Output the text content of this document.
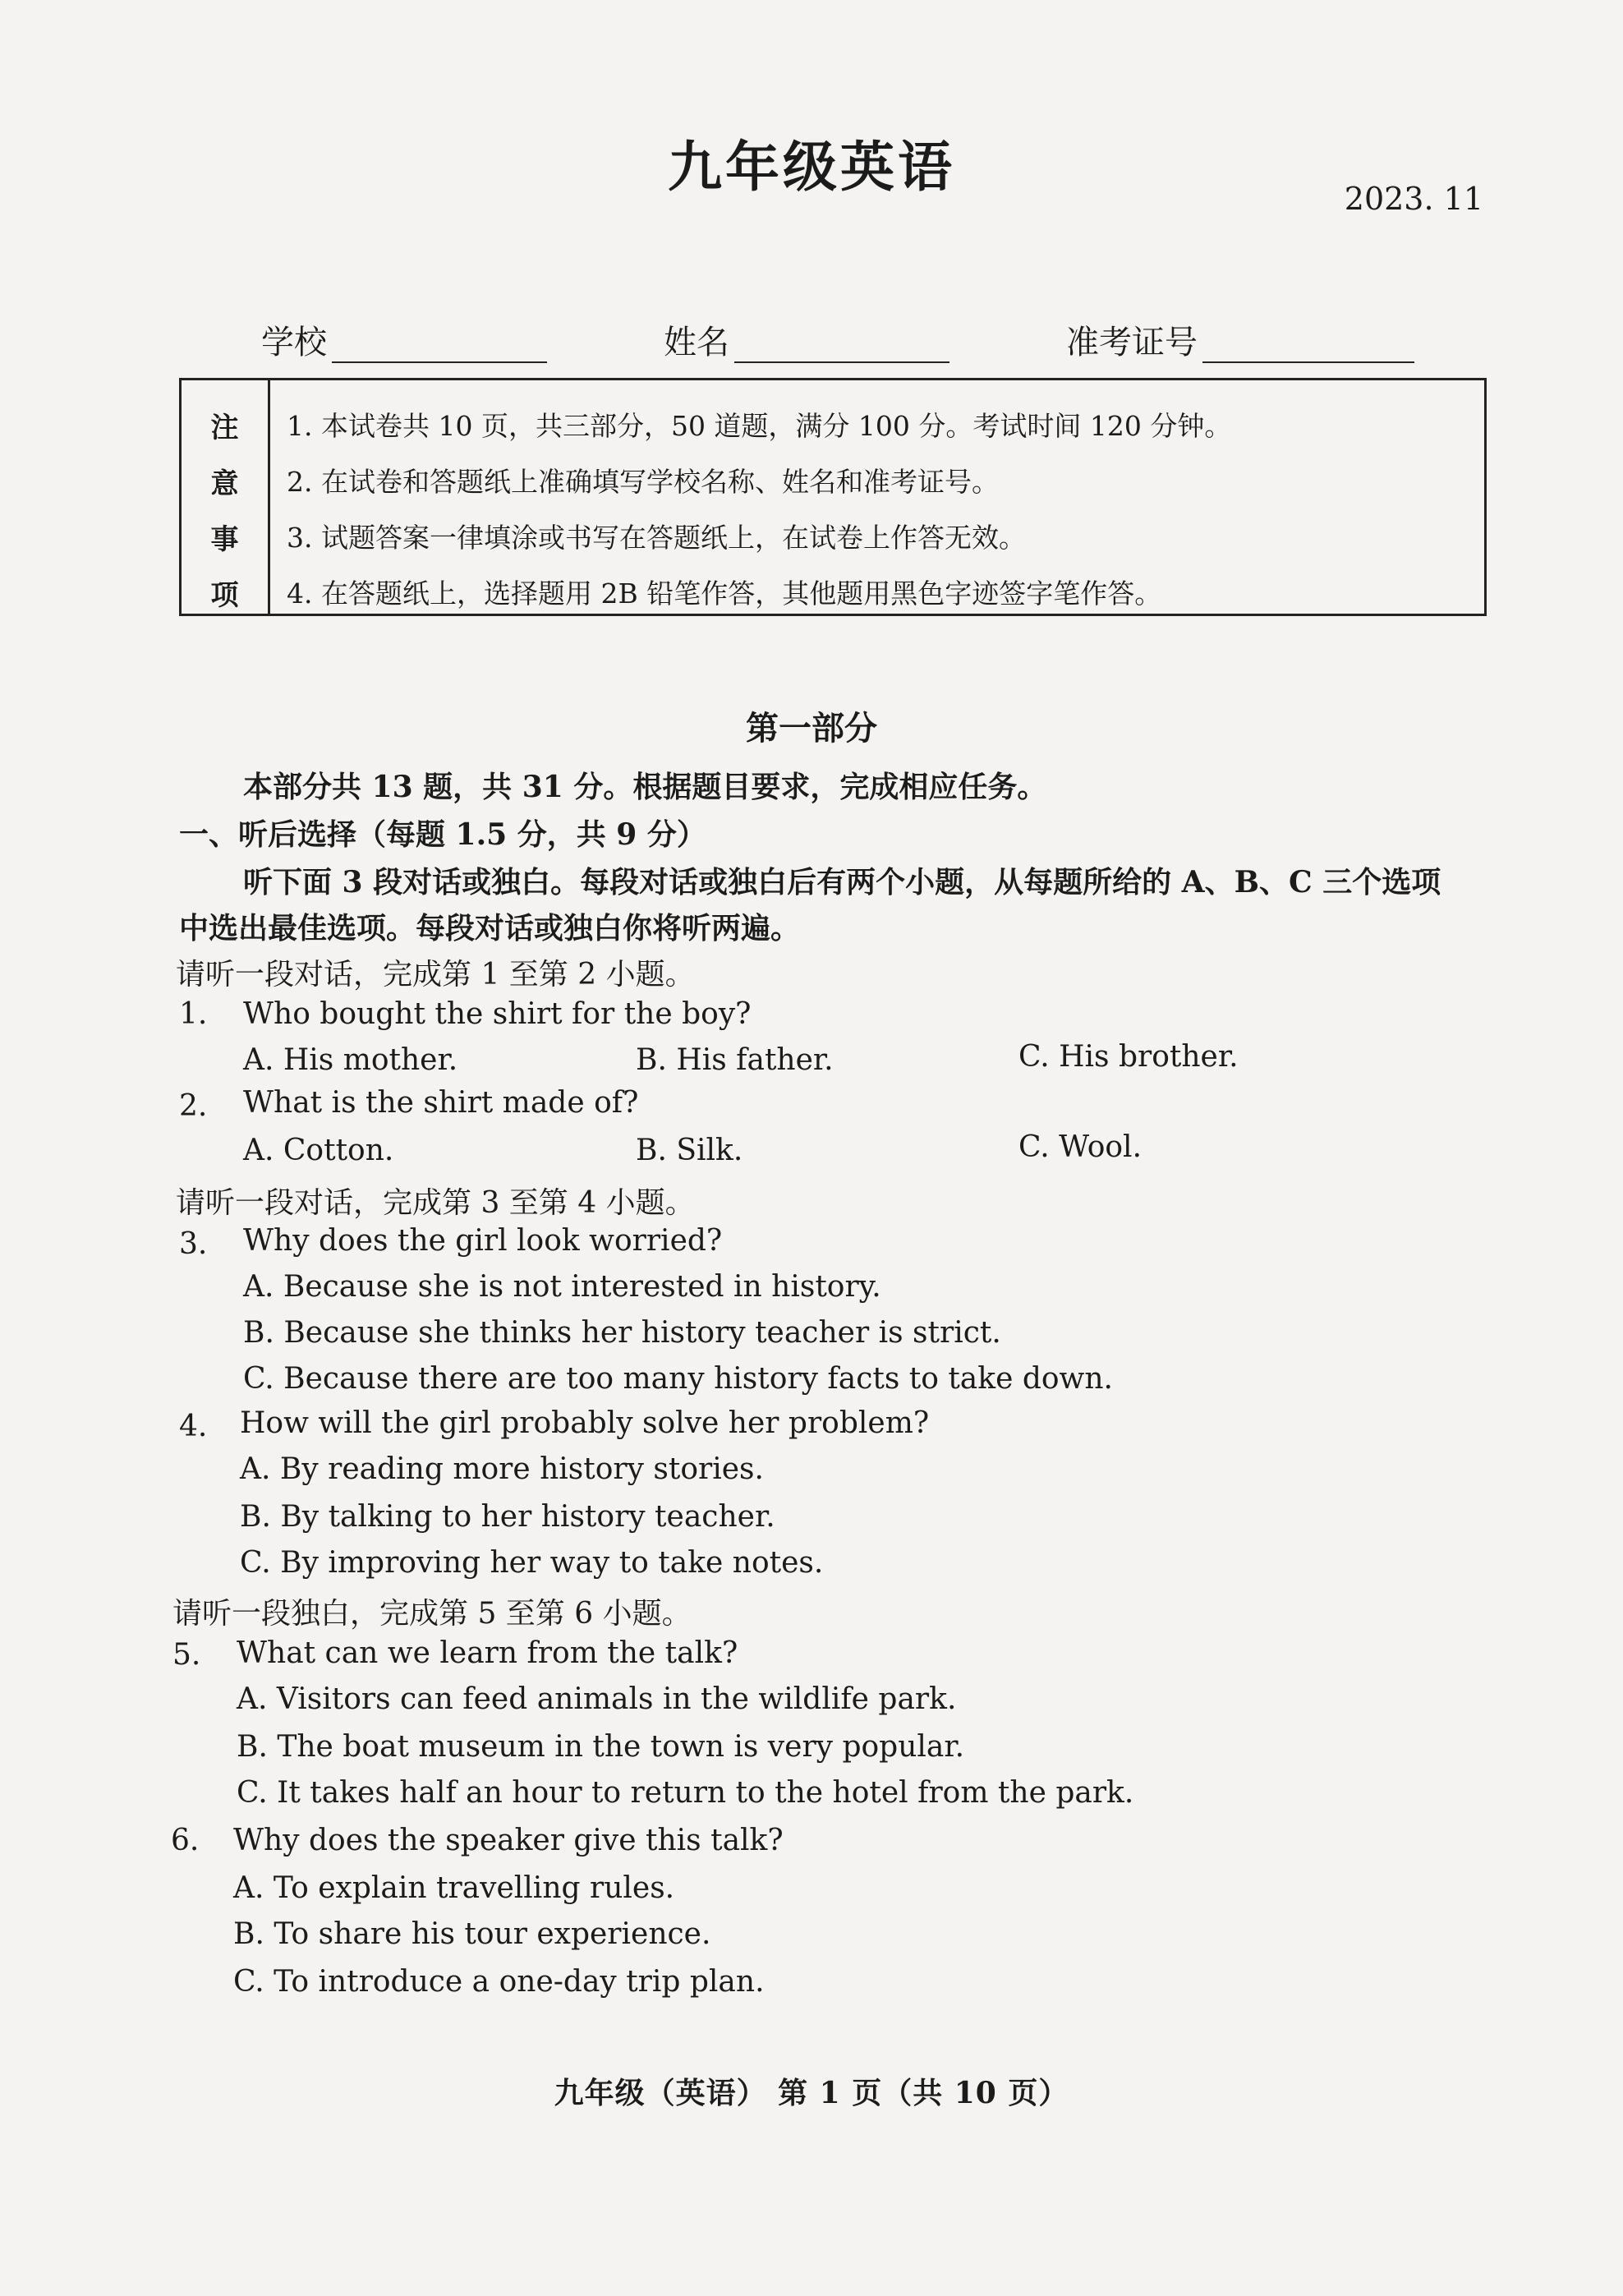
九年级英语	2023. 11
学校	姓名	准考证号
注
意
事
项
1. 本试卷共 10 页，共三部分，50 道题，满分 100 分。考试时间 120 分钟。
2. 在试卷和答题纸上准确填写学校名称、姓名和准考证号。
3. 试题答案一律填涂或书写在答题纸上，在试卷上作答无效。
4. 在答题纸上，选择题用 2B 铅笔作答，其他题用黑色字迹签字笔作答。
第一部分
本部分共 13 题，共 31 分。根据题目要求，完成相应任务。
一、听后选择（每题 1.5 分，共 9 分）
听下面 3 段对话或独白。每段对话或独白后有两个小题，从每题所给的 A、B、C 三个选项
中选出最佳选项。每段对话或独白你将听两遍。
请听一段对话，完成第 1 至第 2 小题。
1. Who bought the shirt for the boy?
A. His mother.	B. His father.	C. His brother.
2. What is the shirt made of?
A. Cotton.	B. Silk.	C. Wool.
请听一段对话，完成第 3 至第 4 小题。
3. Why does the girl look worried?
A. Because she is not interested in history.
B. Because she thinks her history teacher is strict.
C. Because there are too many history facts to take down.
4. How will the girl probably solve her problem?
A. By reading more history stories.
B. By talking to her history teacher.
C. By improving her way to take notes.
请听一段独白，完成第 5 至第 6 小题。
5. What can we learn from the talk?
A. Visitors can feed animals in the wildlife park.
B. The boat museum in the town is very popular.
C. It takes half an hour to return to the hotel from the park.
6. Why does the speaker give this talk?
A. To explain travelling rules.
B. To share his tour experience.
C. To introduce a one-day trip plan.
九年级（英语） 第 1 页（共 10 页）
